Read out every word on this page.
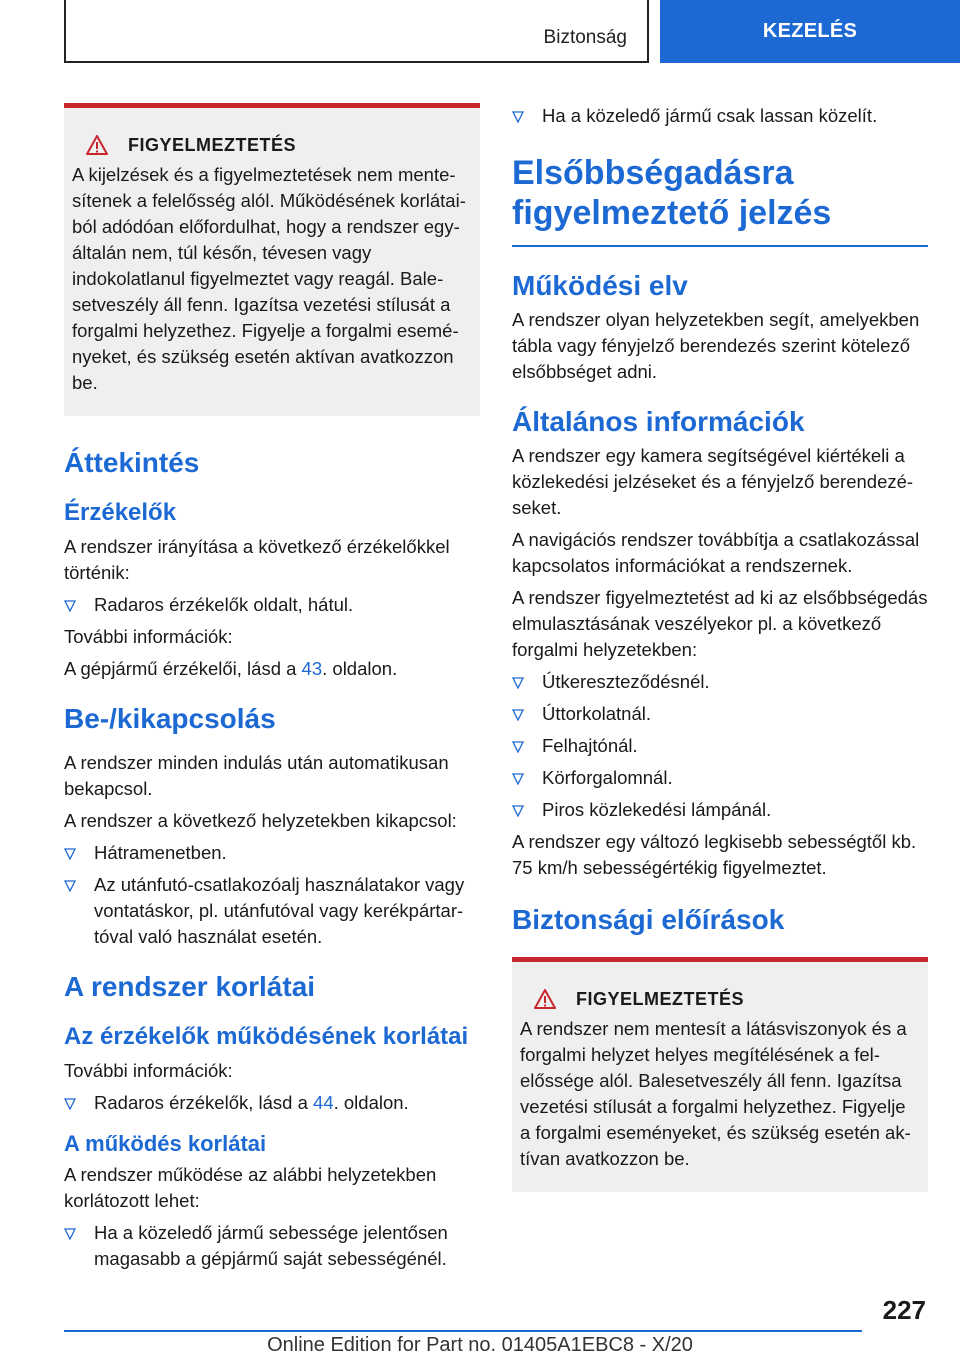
Biztonság	KEZELÉS
FIGYELMEZTETÉS

A kijelzések és a figyelmeztetések nem mentesítenek a felelősség alól. Működésének korlátaiból adódóan előfordulhat, hogy a rendszer egyáltalán nem, túl későn, tévesen vagy indokolatlanul figyelmeztet vagy reagál. Balesetveszély áll fenn. Igazítsa vezetési stílusát a forgalmi helyzethez. Figyelje a forgalmi eseményeket, és szükség esetén aktívan avatkozzon be.

Áttekintés
Érzékelők

A rendszer irányítása a következő érzékelőkkel történik:

Radaros érzékelők oldalt, hátul.

További információk:

A gépjármű érzékelői, lásd a 43. oldalon.

Be-/kikapcsolás

A rendszer minden indulás után automatikusan bekapcsol.

A rendszer a következő helyzetekben kikapcsol:

Hátramenetben.
Az utánfutó-csatlakozóalj használatakor vagy vontatáskor, pl. utánfutóval vagy kerékpártartóval való használat esetén.
A rendszer korlátai
Az érzékelők működésének korlátai

További információk:

Radaros érzékelők, lásd a 44. oldalon.
A működés korlátai

A rendszer működése az alábbi helyzetekben korlátozott lehet:

Ha a közeledő jármű sebessége jelentősen magasabb a gépjármű saját sebességénél.
Ha a közeledő jármű csak lassan közelít.
Elsőbbségadásra figyelmeztető jelzés
Működési elv

A rendszer olyan helyzetekben segít, amelyekben tábla vagy fényjelző berendezés szerint kötelező elsőbbséget adni.

Általános információk

A rendszer egy kamera segítségével kiértékeli a közlekedési jelzéseket és a fényjelző berendezéseket.

A navigációs rendszer továbbítja a csatlakozással kapcsolatos információkat a rendszernek.

A rendszer figyelmeztetést ad ki az elsőbbségedás elmulasztásának veszélyekor pl. a következő forgalmi helyzetekben:

Útkereszteződésnél.
Úttorkolatnál.
Felhajtónál.
Körforgalomnál.
Piros közlekedési lámpánál.

A rendszer egy változó legkisebb sebességtől kb. 75 km/h sebességértékig figyelmeztet.

Biztonsági előírások
FIGYELMEZTETÉS

A rendszer nem mentesít a látásviszonyok és a forgalmi helyzet helyes megítélésének a felelőssége alól. Balesetveszély áll fenn. Igazítsa vezetési stílusát a forgalmi helyzethez. Figyelje a forgalmi eseményeket, és szükség esetén aktívan avatkozzon be.

227
Online Edition for Part no. 01405A1EBC8 - X/20
